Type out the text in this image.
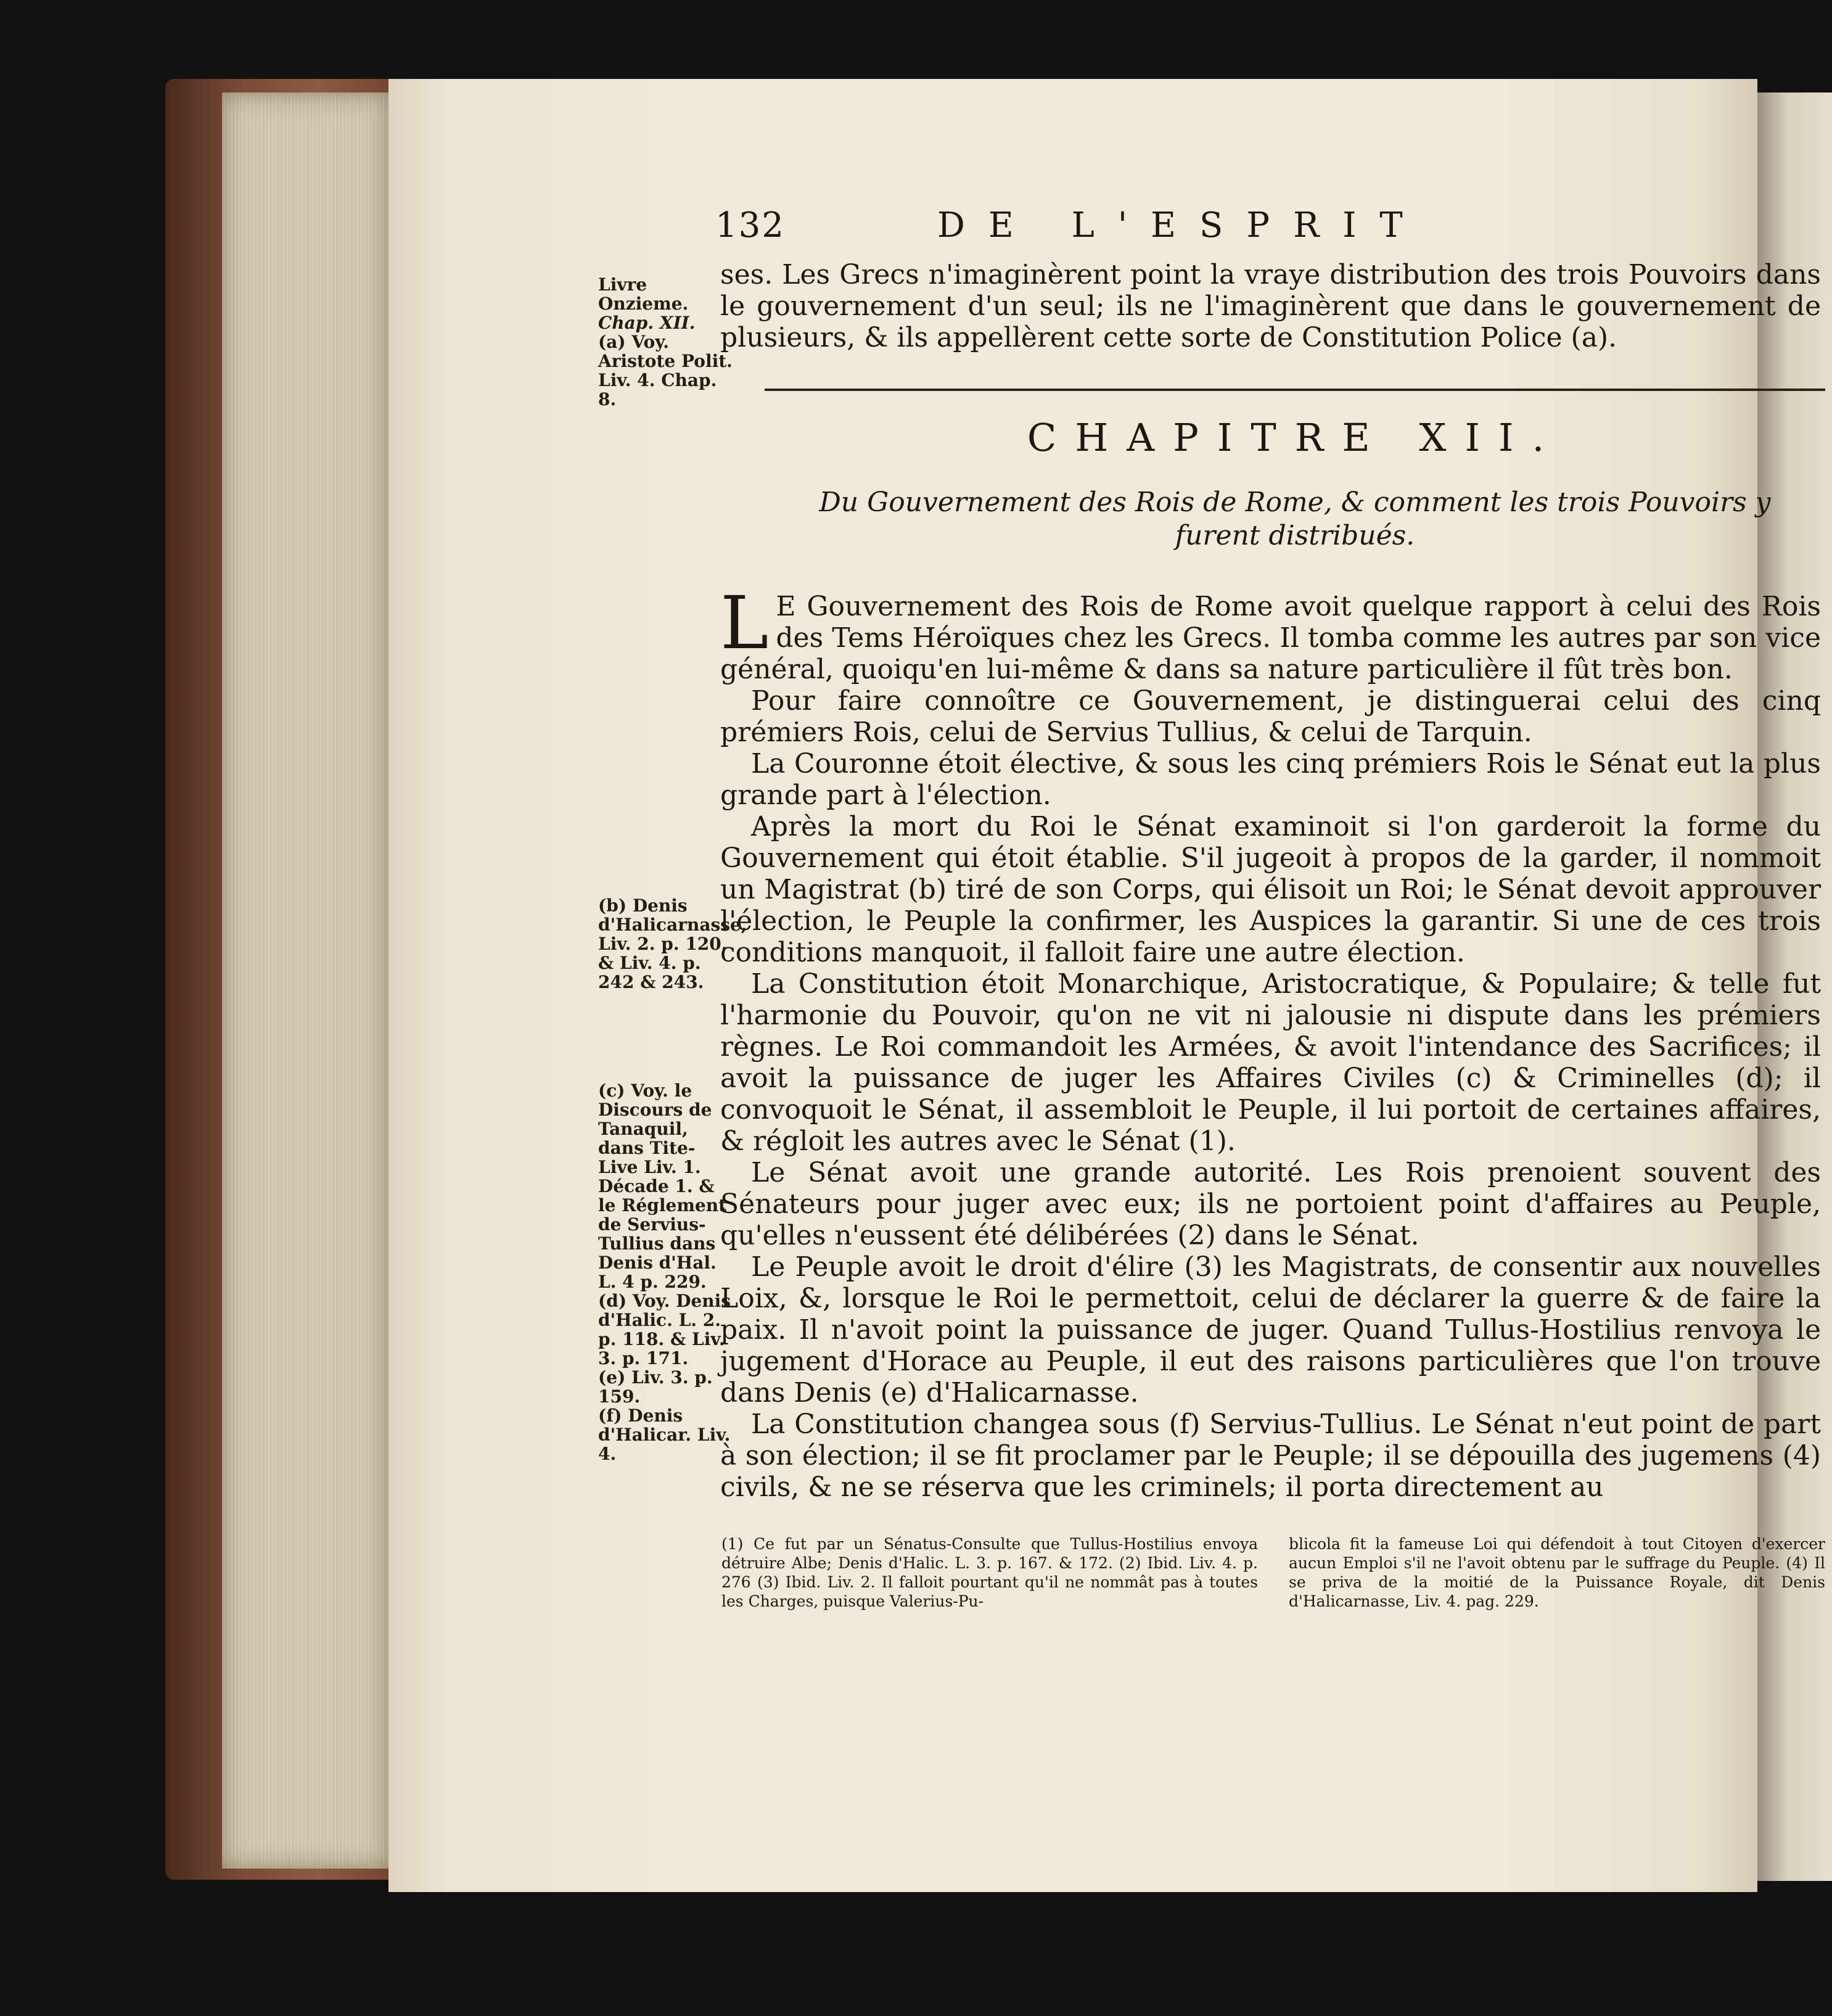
132	DE L'ESPRIT
Livre Onzieme.
Chap. XII.
(a) Voy. Aristote Polit. Liv. 4. Chap. 8.
ses. Les Grecs n'imaginèrent point la vraye distribution des trois Pouvoirs dans le gouvernement d'un seul; ils ne l'imaginèrent que dans le gouvernement de plusieurs, & ils appellèrent cette sorte de Constitution Police (a).
CHAPITRE XII.
Du Gouvernement des Rois de Rome, & comment les trois Pouvoirs y furent distribués.

L E Gouvernement des Rois de Rome avoit quelque rapport à celui des Rois des Tems Héroïques chez les Grecs. Il tomba comme les autres par son vice général, quoiqu'en lui-même & dans sa nature particulière il fût très bon.

Pour faire connoître ce Gouvernement, je distinguerai celui des cinq prémiers Rois, celui de Servius Tullius, & celui de Tarquin.

La Couronne étoit élective, & sous les cinq prémiers Rois le Sénat eut la plus grande part à l'élection.

Après la mort du Roi le Sénat examinoit si l'on garderoit la forme du Gouvernement qui étoit établie. S'il jugeoit à propos de la garder, il nommoit un Magistrat (b) tiré de son Corps, qui élisoit un Roi; le Sénat devoit approuver l'élection, le Peuple la confirmer, les Auspices la garantir. Si une de ces trois conditions manquoit, il falloit faire une autre élection.

La Constitution étoit Monarchique, Aristocratique, & Populaire; & telle fut l'harmonie du Pouvoir, qu'on ne vit ni jalousie ni dispute dans les prémiers règnes. Le Roi commandoit les Armées, & avoit l'intendance des Sacrifices; il avoit la puissance de juger les Affaires Civiles (c) & Criminelles (d); il convoquoit le Sénat, il assembloit le Peuple, il lui portoit de certaines affaires, & régloit les autres avec le Sénat (1).

Le Sénat avoit une grande autorité. Les Rois prenoient souvent des Sénateurs pour juger avec eux; ils ne portoient point d'affaires au Peuple, qu'elles n'eussent été délibérées (2) dans le Sénat.

Le Peuple avoit le droit d'élire (3) les Magistrats, de consentir aux nouvelles Loix, &, lorsque le Roi le permettoit, celui de déclarer la guerre & de faire la paix. Il n'avoit point la puissance de juger. Quand Tullus-Hostilius renvoya le jugement d'Horace au Peuple, il eut des raisons particulières que l'on trouve dans Denis (e) d'Halicarnasse.

La Constitution changea sous (f) Servius-Tullius. Le Sénat n'eut point de part à son élection; il se fit proclamer par le Peuple; il se dépouilla des jugemens (4) civils, & ne se réserva que les criminels; il porta directement au

(b) Denis d'Halicarnasse, Liv. 2. p. 120. & Liv. 4. p. 242 & 243.
(c) Voy. le Discours de Tanaquil, dans Tite-Live Liv. 1. Décade 1. & le Réglement de Servius-Tullius dans Denis d'Hal. L. 4 p. 229.
(d) Voy. Denis d'Halic. L. 2. p. 118. & Liv. 3. p. 171.
(e) Liv. 3. p. 159.
(f) Denis d'Halicar. Liv. 4.

(1) Ce fut par un Sénatus-Consulte que Tullus-Hostilius envoya détruire Albe; Denis d'Halic. L. 3. p. 167. & 172. (2) Ibid. Liv. 4. p. 276 (3) Ibid. Liv. 2. Il falloit pourtant qu'il ne nommât pas à toutes les Charges, puisque Valerius-Pu-

blicola fit la fameuse Loi qui défendoit à tout Citoyen d'exercer aucun Emploi s'il ne l'avoit obtenu par le suffrage du Peuple. (4) Il se priva de la moitié de la Puissance Royale, dit Denis d'Halicarnasse, Liv. 4. pag. 229.
